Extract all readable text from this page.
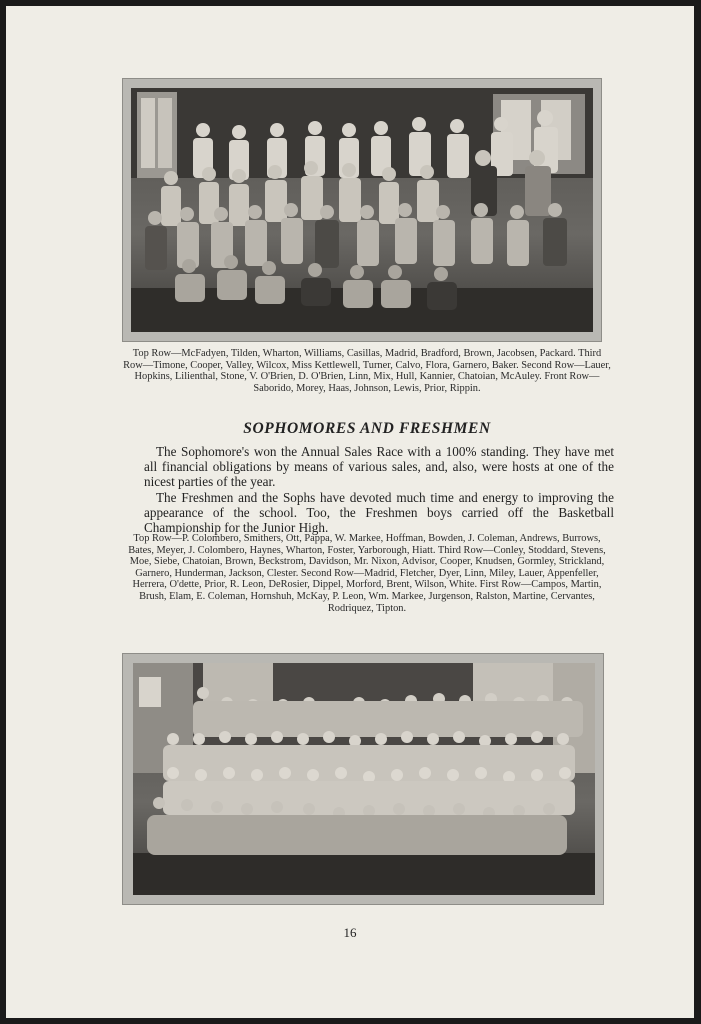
Top Row—McFadyen, Tilden, Wharton, Williams, Casillas, Madrid, Bradford, Brown, Jacobsen, Packard. Third Row—Timone, Cooper, Valley, Wilcox, Miss Kettlewell, Turner, Calvo, Flora, Garnero, Baker. Second Row—Lauer, Hopkins, Lilienthal, Stone, V. O'Brien, D. O'Brien, Linn, Mix, Hull, Kannier, Chatoian, McAuley. Front Row—Saborido, Morey, Haas, Johnson, Lewis, Prior, Rippin.

SOPHOMORES AND FRESHMEN

The Sophomore's won the Annual Sales Race with a 100% standing. They have met all financial obligations by means of various sales, and, also, were hosts at one of the nicest parties of the year.

The Freshmen and the Sophs have devoted much time and energy to improving the appearance of the school. Too, the Freshmen boys carried off the Basketball Championship for the Junior High.

Top Row—P. Colombero, Smithers, Ott, Pappa, W. Markee, Hoffman, Bowden, J. Coleman, Andrews, Burrows, Bates, Meyer, J. Colombero, Haynes, Wharton, Foster, Yarborough, Hiatt. Third Row—Conley, Stoddard, Stevens, Moe, Siebe, Chatoian, Brown, Beckstrom, Davidson, Mr. Nixon, Advisor, Cooper, Knudsen, Gormley, Strickland, Garnero, Hunderman, Jackson, Clester. Second Row—Madrid, Fletcher, Dyer, Linn, Miley, Lauer, Appenfeller, Herrera, O'dette, Prior, R. Leon, DeRosier, Dippel, Morford, Brent, Wilson, White. First Row—Campos, Martin, Brush, Elam, E. Coleman, Hornshuh, McKay, P. Leon, Wm. Markee, Jurgenson, Ralston, Martine, Cervantes, Rodriquez, Tipton.

16
